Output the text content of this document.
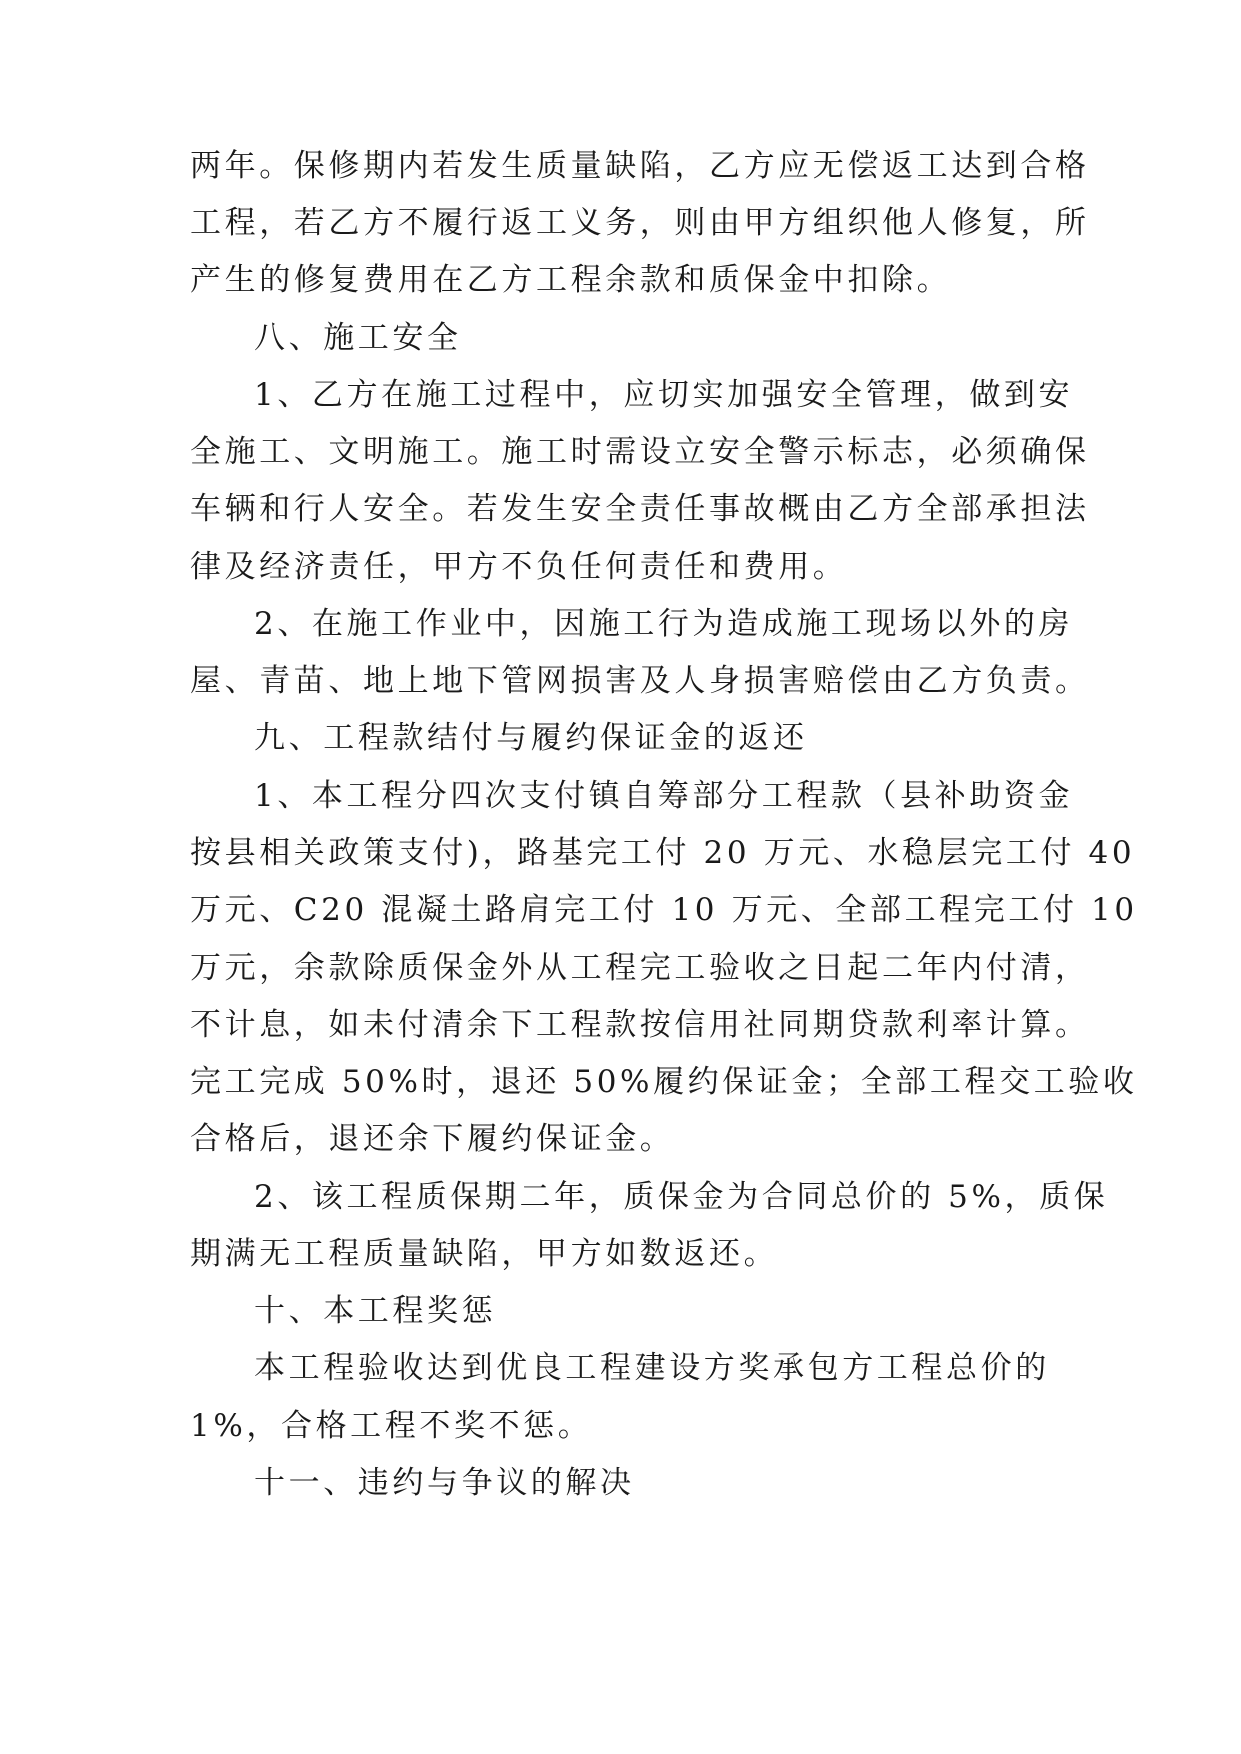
两年。保修期内若发生质量缺陷，乙方应无偿返工达到合格

工程，若乙方不履行返工义务，则由甲方组织他人修复，所

产生的修复费用在乙方工程余款和质保金中扣除。

八、施工安全

1、乙方在施工过程中，应切实加强安全管理，做到安

全施工、文明施工。施工时需设立安全警示标志，必须确保

车辆和行人安全。若发生安全责任事故概由乙方全部承担法

律及经济责任，甲方不负任何责任和费用。

2、在施工作业中，因施工行为造成施工现场以外的房

屋、青苗、地上地下管网损害及人身损害赔偿由乙方负责。

九、工程款结付与履约保证金的返还

1、本工程分四次支付镇自筹部分工程款（县补助资金

按县相关政策支付)，路基完工付 20 万元、水稳层完工付 40

万元、C20 混凝土路肩完工付 10 万元、全部工程完工付 10

万元，余款除质保金外从工程完工验收之日起二年内付清，

不计息，如未付清余下工程款按信用社同期贷款利率计算。

完工完成 50%时，退还 50%履约保证金；全部工程交工验收

合格后，退还余下履约保证金。

2、该工程质保期二年，质保金为合同总价的 5%，质保

期满无工程质量缺陷，甲方如数返还。

十、本工程奖惩

本工程验收达到优良工程建设方奖承包方工程总价的

1%，合格工程不奖不惩。

十一、违约与争议的解决
